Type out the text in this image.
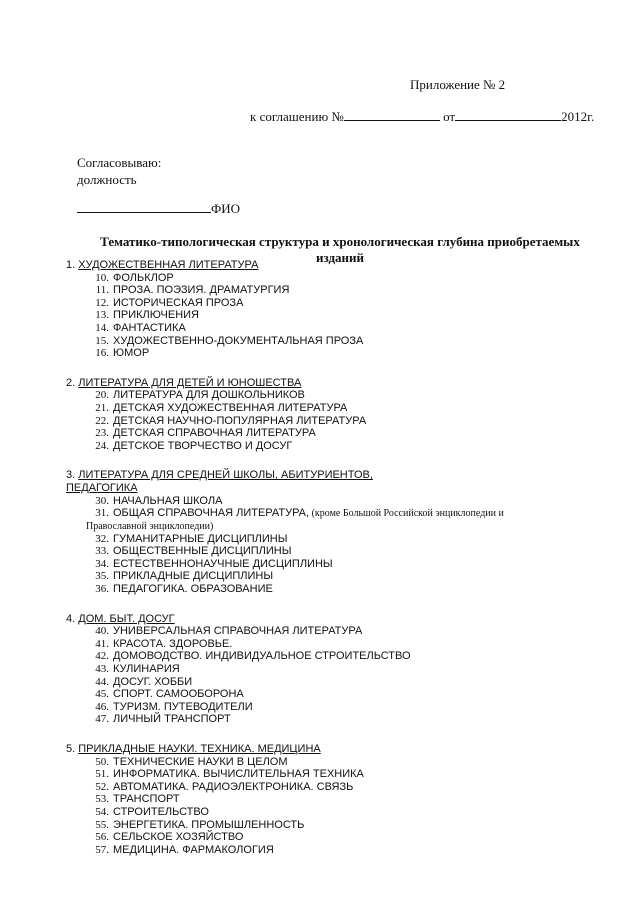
Приложение № 2
к соглашению №	от	2012г.
Согласовываю:
должность
ФИО
Тематико-типологическая структура и хронологическая глубина приобретаемых
изданий
1. ХУДОЖЕСТВЕННАЯ ЛИТЕРАТУРА
10. ФОЛЬКЛОР
11. ПРОЗА. ПОЭЗИЯ. ДРАМАТУРГИЯ
12. ИСТОРИЧЕСКАЯ ПРОЗА
13. ПРИКЛЮЧЕНИЯ
14. ФАНТАСТИКА
15. ХУДОЖЕСТВЕННО-ДОКУМЕНТАЛЬНАЯ ПРОЗА
16. ЮМОР
2. ЛИТЕРАТУРА ДЛЯ ДЕТЕЙ И ЮНОШЕСТВА
20. ЛИТЕРАТУРА ДЛЯ ДОШКОЛЬНИКОВ
21. ДЕТСКАЯ ХУДОЖЕСТВЕННАЯ ЛИТЕРАТУРА
22. ДЕТСКАЯ НАУЧНО-ПОПУЛЯРНАЯ ЛИТЕРАТУРА
23. ДЕТСКАЯ СПРАВОЧНАЯ ЛИТЕРАТУРА
24. ДЕТСКОЕ ТВОРЧЕСТВО И ДОСУГ
3. ЛИТЕРАТУРА ДЛЯ СРЕДНЕЙ ШКОЛЫ, АБИТУРИЕНТОВ, ПЕДАГОГИКА
30. НАЧАЛЬНАЯ ШКОЛА
31. ОБЩАЯ СПРАВОЧНАЯ ЛИТЕРАТУРА, (кроме Большой Российской энциклопедии и
Православной энциклопедии)
32. ГУМАНИТАРНЫЕ ДИСЦИПЛИНЫ
33. ОБЩЕСТВЕННЫЕ ДИСЦИПЛИНЫ
34. ЕСТЕСТВЕННОНАУЧНЫЕ ДИСЦИПЛИНЫ
35. ПРИКЛАДНЫЕ ДИСЦИПЛИНЫ
36. ПЕДАГОГИКА. ОБРАЗОВАНИЕ
4. ДОМ. БЫТ. ДОСУГ
40. УНИВЕРСАЛЬНАЯ СПРАВОЧНАЯ ЛИТЕРАТУРА
41. КРАСОТА. ЗДОРОВЬЕ.
42. ДОМОВОДСТВО. ИНДИВИДУАЛЬНОЕ СТРОИТЕЛЬСТВО
43. КУЛИНАРИЯ
44. ДОСУГ. ХОББИ
45. СПОРТ. САМООБОРОНА
46. ТУРИЗМ. ПУТЕВОДИТЕЛИ
47. ЛИЧНЫЙ ТРАНСПОРТ
5. ПРИКЛАДНЫЕ НАУКИ. ТЕХНИКА. МЕДИЦИНА
50. ТЕХНИЧЕСКИЕ НАУКИ В ЦЕЛОМ
51. ИНФОРМАТИКА. ВЫЧИСЛИТЕЛЬНАЯ ТЕХНИКА
52. АВТОМАТИКА. РАДИОЭЛЕКТРОНИКА. СВЯЗЬ
53. ТРАНСПОРТ
54. СТРОИТЕЛЬСТВО
55. ЭНЕРГЕТИКА. ПРОМЫШЛЕННОСТЬ
56. СЕЛЬСКОЕ ХОЗЯЙСТВО
57. МЕДИЦИНА. ФАРМАКОЛОГИЯ
